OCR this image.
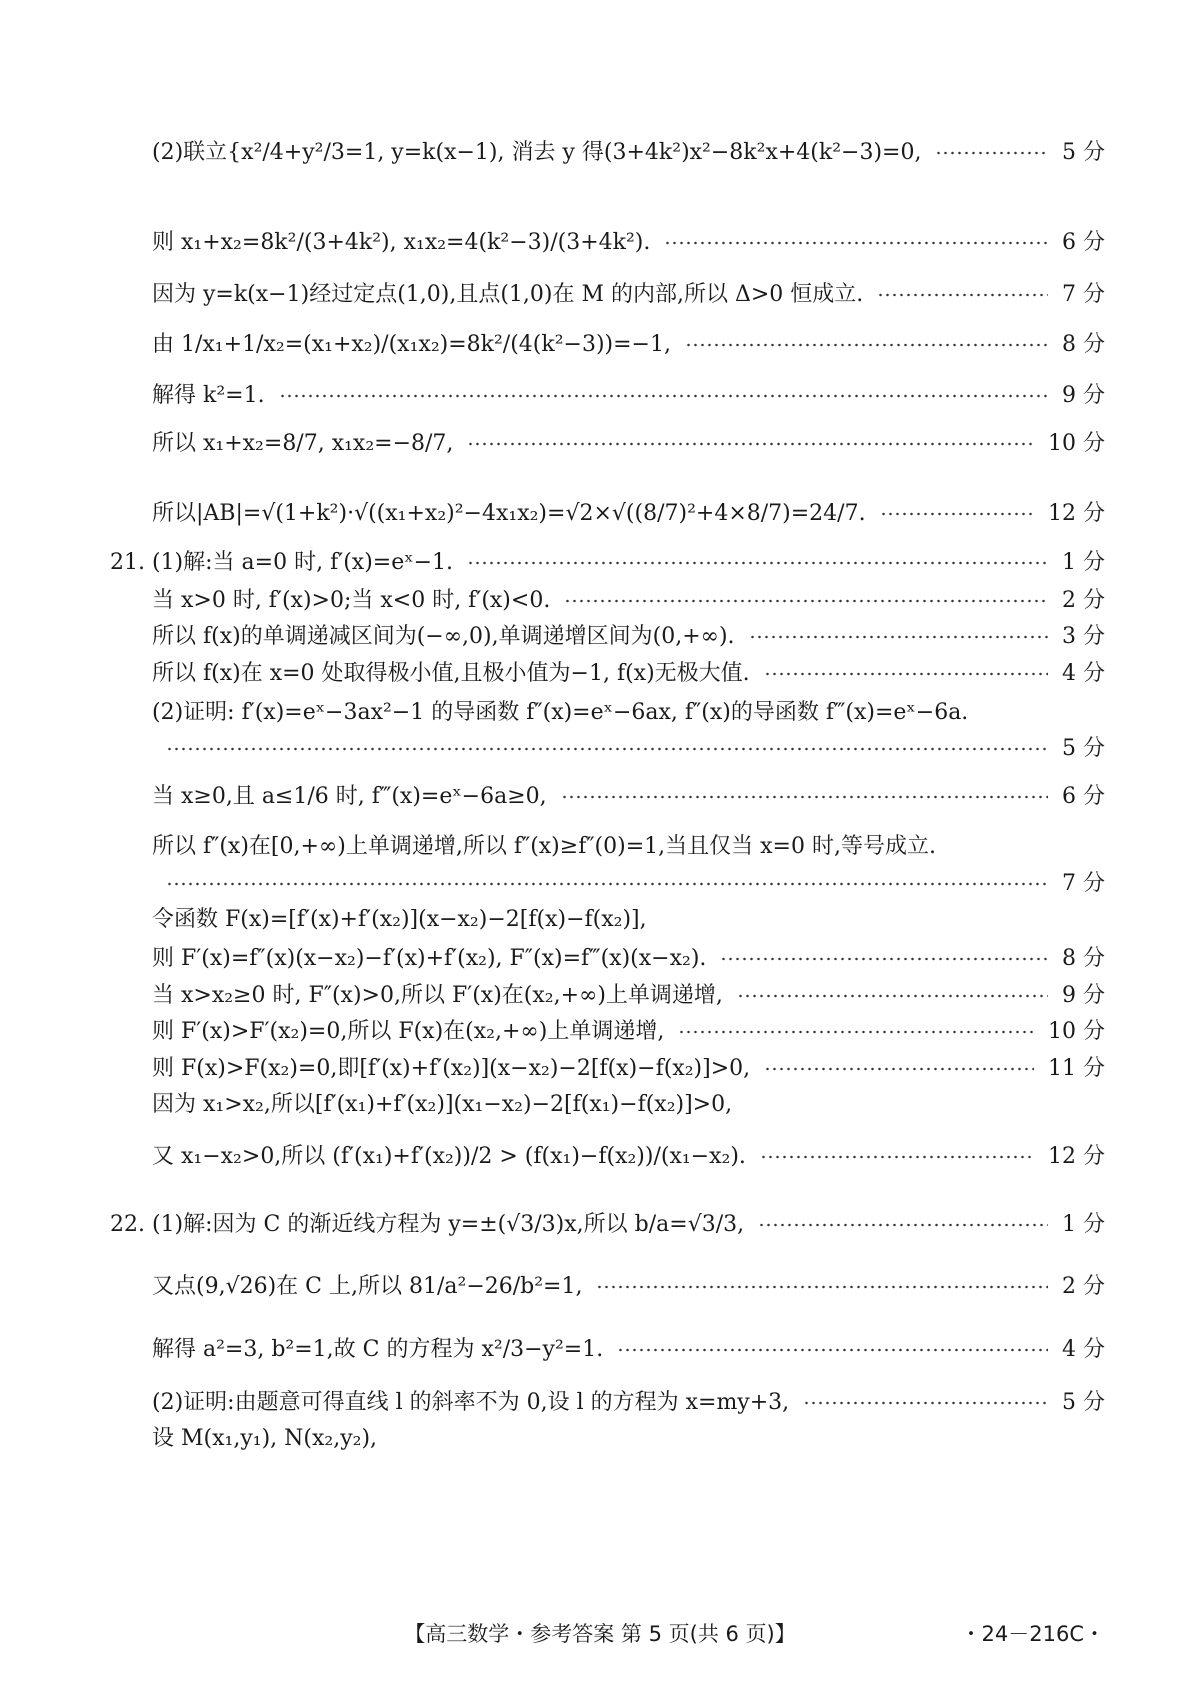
(2)联立{x²/4+y²/3=1, y=k(x−1), 消去 y 得(3+4k²)x²−8k²x+4(k²−3)=0,	5 分
则 x₁+x₂=8k²/(3+4k²), x₁x₂=4(k²−3)/(3+4k²).	6 分
因为 y=k(x−1)经过定点(1,0),且点(1,0)在 M 的内部,所以 Δ>0 恒成立.	7 分
由 1/x₁+1/x₂=(x₁+x₂)/(x₁x₂)=8k²/(4(k²−3))=−1,	8 分
解得 k²=1.	9 分
所以 x₁+x₂=8/7, x₁x₂=−8/7,	10 分
所以|AB|=√(1+k²)·√((x₁+x₂)²−4x₁x₂)=√2×√((8/7)²+4×8/7)=24/7.	12 分
21. (1)解:当 a=0 时, f′(x)=eˣ−1.	1 分
当 x>0 时, f′(x)>0;当 x<0 时, f′(x)<0.	2 分
所以 f(x)的单调递减区间为(−∞,0),单调递增区间为(0,+∞).	3 分
所以 f(x)在 x=0 处取得极小值,且极小值为−1, f(x)无极大值.	4 分
(2)证明: f′(x)=eˣ−3ax²−1 的导函数 f″(x)=eˣ−6ax, f″(x)的导函数 f‴(x)=eˣ−6a.
5 分
当 x≥0,且 a≤1/6 时, f‴(x)=eˣ−6a≥0,	6 分
所以 f″(x)在[0,+∞)上单调递增,所以 f″(x)≥f″(0)=1,当且仅当 x=0 时,等号成立.
7 分
令函数 F(x)=[f′(x)+f′(x₂)](x−x₂)−2[f(x)−f(x₂)],
则 F′(x)=f″(x)(x−x₂)−f′(x)+f′(x₂), F″(x)=f‴(x)(x−x₂).	8 分
当 x>x₂≥0 时, F″(x)>0,所以 F′(x)在(x₂,+∞)上单调递增,	9 分
则 F′(x)>F′(x₂)=0,所以 F(x)在(x₂,+∞)上单调递增,	10 分
则 F(x)>F(x₂)=0,即[f′(x)+f′(x₂)](x−x₂)−2[f(x)−f(x₂)]>0,	11 分
因为 x₁>x₂,所以[f′(x₁)+f′(x₂)](x₁−x₂)−2[f(x₁)−f(x₂)]>0,
又 x₁−x₂>0,所以 (f′(x₁)+f′(x₂))/2 > (f(x₁)−f(x₂))/(x₁−x₂).	12 分
22. (1)解:因为 C 的渐近线方程为 y=±(√3/3)x,所以 b/a=√3/3,	1 分
又点(9,√26)在 C 上,所以 81/a²−26/b²=1,	2 分
解得 a²=3, b²=1,故 C 的方程为 x²/3−y²=1.	4 分
(2)证明:由题意可得直线 l 的斜率不为 0,设 l 的方程为 x=my+3,	5 分
设 M(x₁,y₁), N(x₂,y₂),
【高三数学・参考答案 第 5 页(共 6 页)】	・24－216C・
